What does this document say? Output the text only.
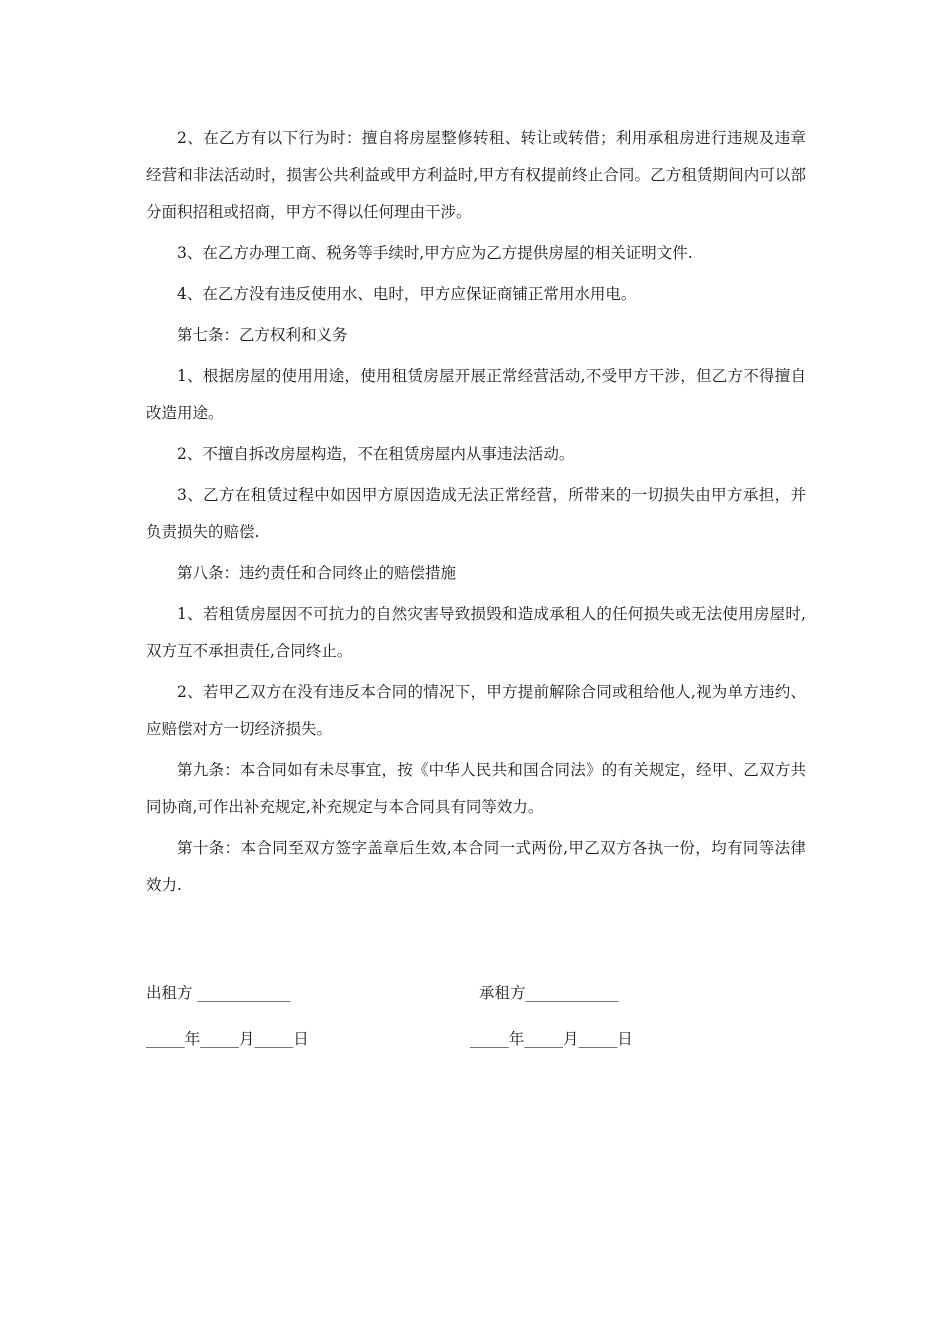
2、在乙方有以下行为时：擅自将房屋整修转租、转让或转借；利用承租房进行违规及违章经营和非法活动时，损害公共利益或甲方利益时,甲方有权提前终止合同。乙方租赁期间内可以部分面积招租或招商，甲方不得以任何理由干涉。

3、在乙方办理工商、税务等手续时,甲方应为乙方提供房屋的相关证明文件.

4、在乙方没有违反使用水、电时，甲方应保证商铺正常用水用电。

第七条：乙方权利和义务

1、根据房屋的使用用途，使用租赁房屋开展正常经营活动,不受甲方干涉，但乙方不得擅自改造用途。

2、不擅自拆改房屋构造，不在租赁房屋内从事违法活动。

3、乙方在租赁过程中如因甲方原因造成无法正常经营，所带来的一切损失由甲方承担，并负责损失的赔偿.

第八条：违约责任和合同终止的赔偿措施

1、若租赁房屋因不可抗力的自然灾害导致损毁和造成承租人的任何损失或无法使用房屋时,双方互不承担责任,合同终止。

2、若甲乙双方在没有违反本合同的情况下，甲方提前解除合同或租给他人,视为单方违约、应赔偿对方一切经济损失。

第九条：本合同如有未尽事宜，按《中华人民共和国合同法》的有关规定，经甲、乙双方共同协商,可作出补充规定,补充规定与本合同具有同等效力。

第十条：本合同至双方签字盖章后生效,本合同一式两份,甲乙双方各执一份，均有同等法律效力.

出租方 ____________	承租方____________
_____年_____月_____日	_____年_____月_____日
